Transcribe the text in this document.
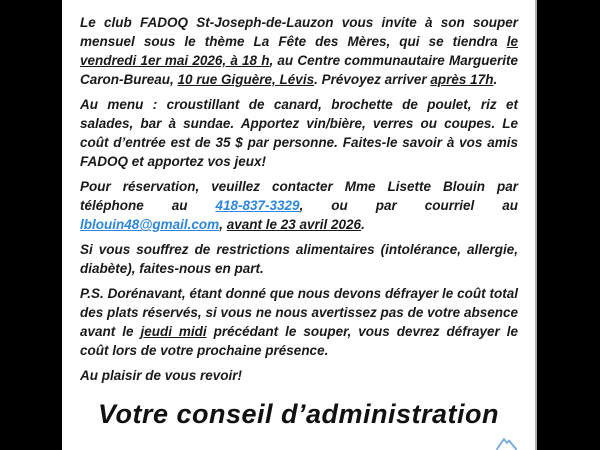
Le club FADOQ St-Joseph-de-Lauzon vous invite à son souper mensuel sous le thème La Fête des Mères, qui se tiendra le vendredi 1er mai 2026, à 18 h, au Centre communautaire Marguerite Caron-Bureau, 10 rue Giguère, Lévis. Prévoyez arriver après 17h.

Au menu : croustillant de canard, brochette de poulet, riz et salades, bar à sundae. Apportez vin/bière, verres ou coupes. Le coût d’entrée est de 35 $ par personne. Faites-le savoir à vos amis FADOQ et apportez vos jeux!

Pour réservation, veuillez contacter Mme Lisette Blouin par téléphone au 418-837-3329, ou par courriel au lblouin48@gmail.com, avant le 23 avril 2026.

Si vous souffrez de restrictions alimentaires (intolérance, allergie, diabète), faites-nous en part.

P.S. Dorénavant, étant donné que nous devons défrayer le coût total des plats réservés, si vous ne nous avertissez pas de votre absence avant le jeudi midi précédant le souper, vous devrez défrayer le coût lors de votre prochaine présence.

Au plaisir de vous revoir!

Votre conseil d’administration
